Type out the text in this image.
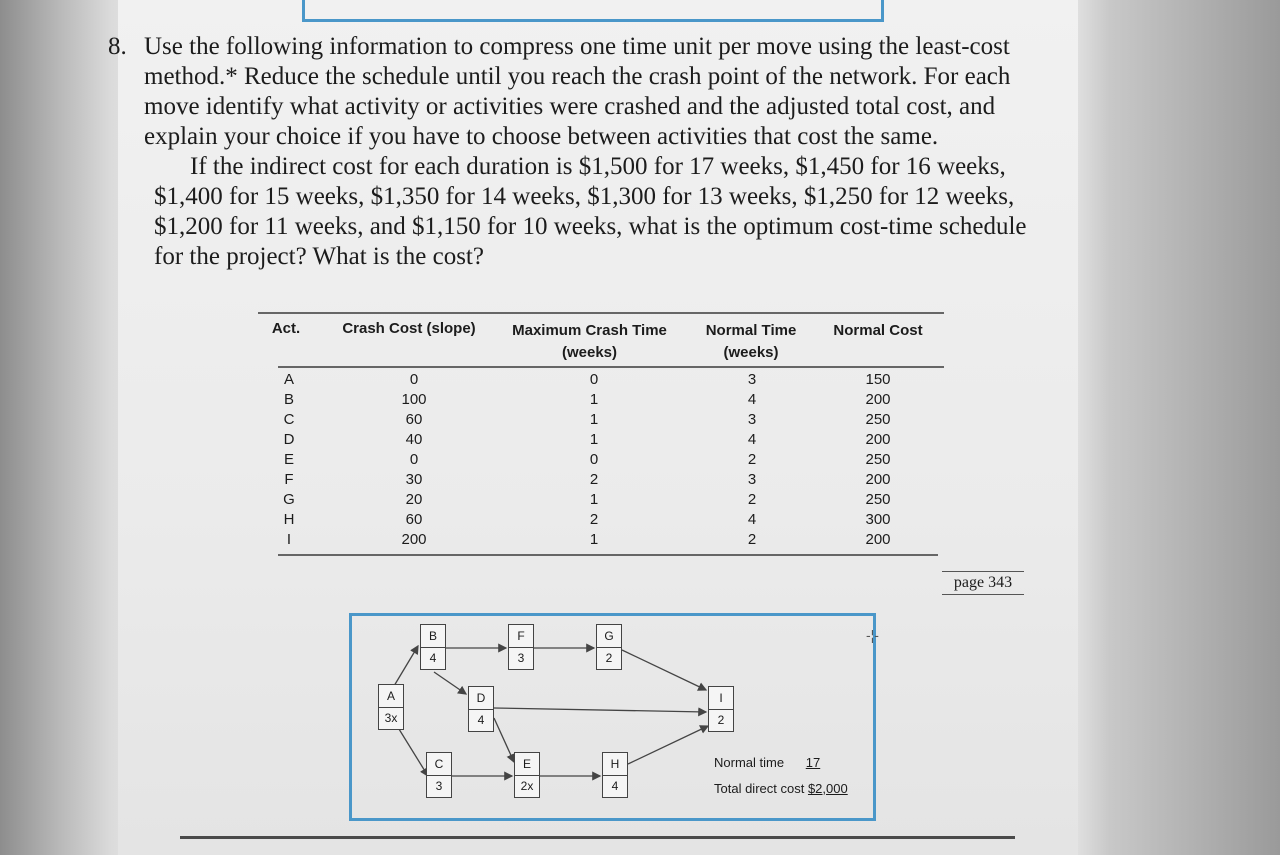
8. Use the following information to compress one time unit per move using the least-cost method.* Reduce the schedule until you reach the crash point of the network. For each move identify what activity or activities were crashed and the adjusted total cost, and explain your choice if you have to choose between activities that cost the same.

If the indirect cost for each duration is $1,500 for 17 weeks, $1,450 for 16 weeks, $1,400 for 15 weeks, $1,350 for 14 weeks, $1,300 for 13 weeks, $1,250 for 12 weeks, $1,200 for 11 weeks, and $1,150 for 10 weeks, what is the optimum cost-time schedule for the project? What is the cost?

Act.	Crash Cost (slope)	Maximum Crash Time
(weeks)
Normal Time
(weeks)
Normal Cost
A
B
C
D
E
F
G
H
I
0
100
60
40
0
30
20
60
200
0
1
1
1
0
2
1
2
1
3
4
3
4
2
3
2
4
2
150
200
250
200
250
200
250
300
200
page 343
A
3x
B
4
C
3
D
4
E
2x
F
3
G
2
H
4
I
2
Normal time 17
Total direct cost $2,000
-¦-
